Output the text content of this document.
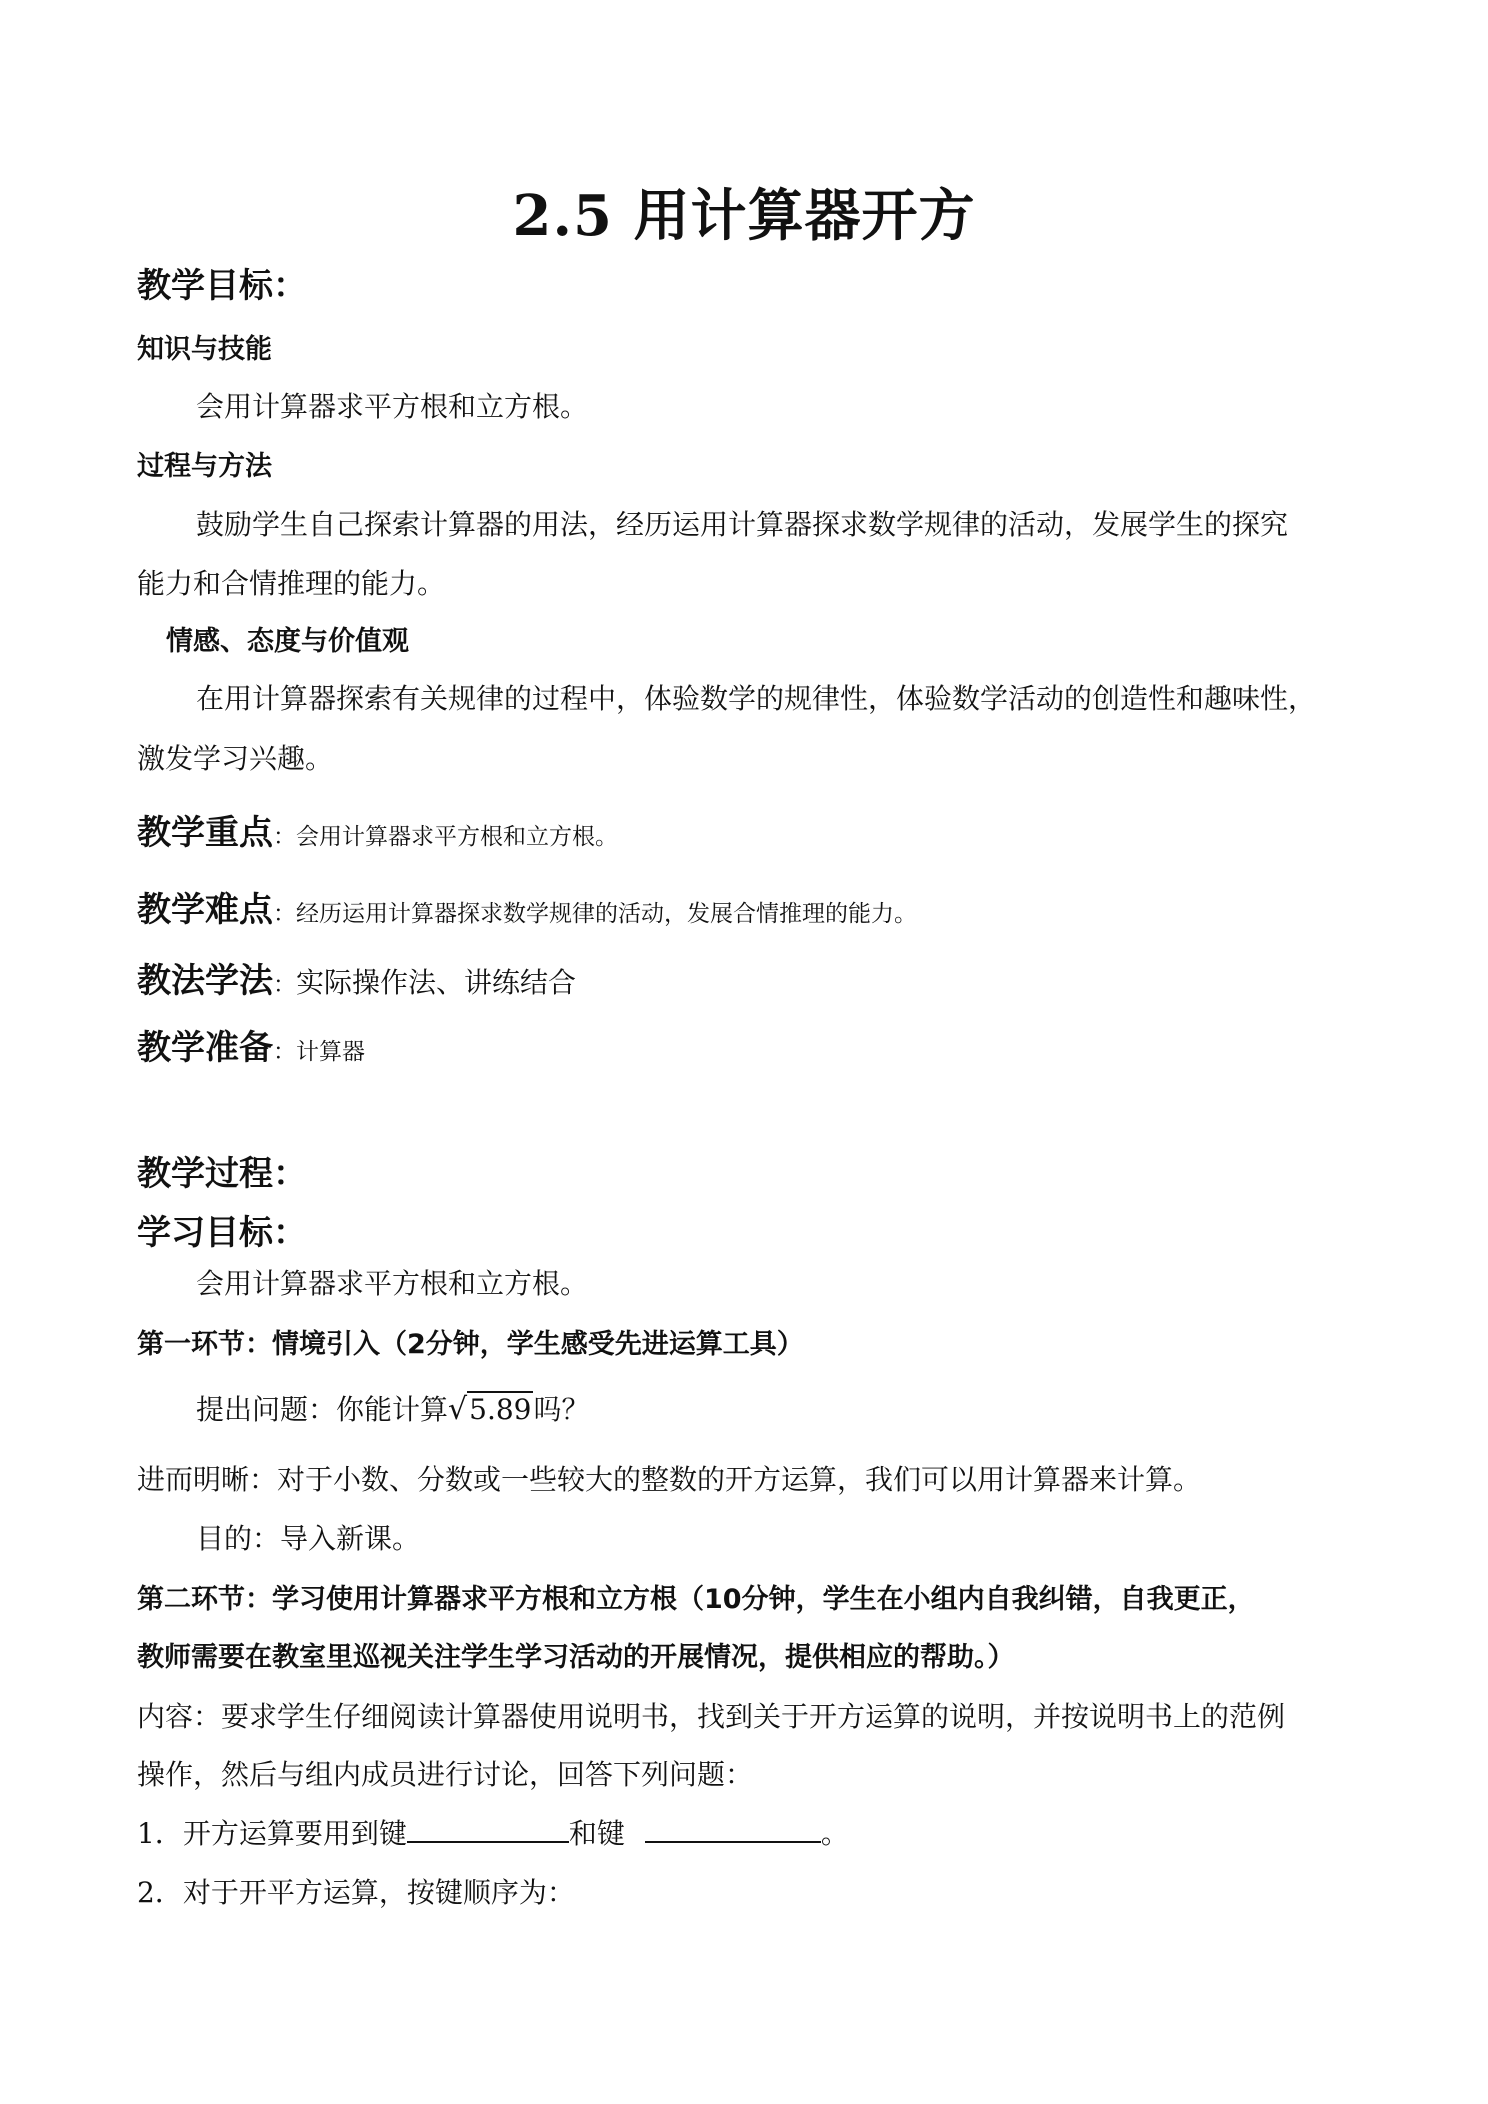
2.5 用计算器开方
教学目标：
知识与技能
会用计算器求平方根和立方根。
过程与方法
鼓励学生自己探索计算器的用法，经历运用计算器探求数学规律的活动，发展学生的探究
能力和合情推理的能力。
情感、态度与价值观
在用计算器探索有关规律的过程中，体验数学的规律性，体验数学活动的创造性和趣味性，
激发学习兴趣。
教学重点：会用计算器求平方根和立方根。
教学难点：经历运用计算器探求数学规律的活动，发展合情推理的能力。
教法学法：实际操作法、讲练结合
教学准备：计算器
教学过程：
学习目标：
会用计算器求平方根和立方根。
第一环节：情境引入（2分钟，学生感受先进运算工具）
提出问题：你能计算√5.89吗？
进而明晰：对于小数、分数或一些较大的整数的开方运算，我们可以用计算器来计算。
目的：导入新课。
第二环节：学习使用计算器求平方根和立方根（10分钟，学生在小组内自我纠错，自我更正，
教师需要在教室里巡视关注学生学习活动的开展情况，提供相应的帮助。）
内容：要求学生仔细阅读计算器使用说明书，找到关于开方运算的说明，并按说明书上的范例
操作，然后与组内成员进行讨论，回答下列问题：
1．开方运算要用到键	和键	。
2．对于开平方运算，按键顺序为：
